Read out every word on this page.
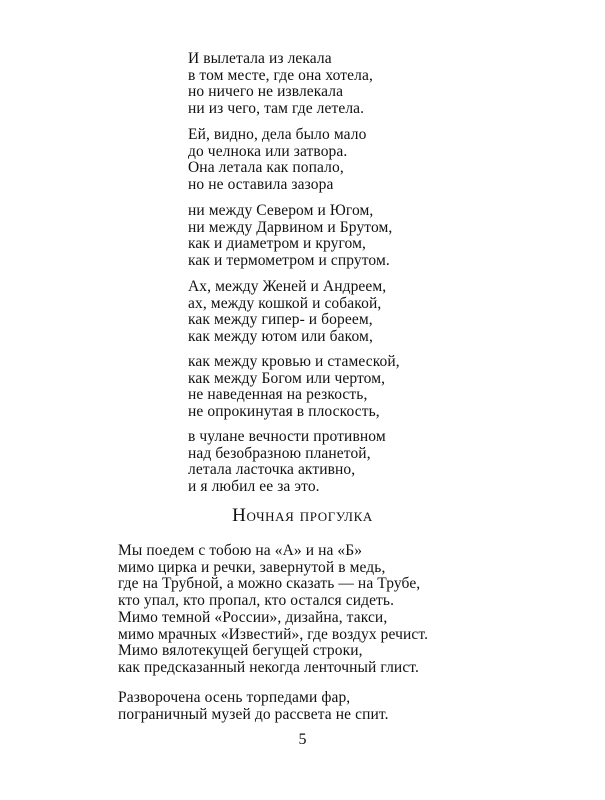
И вылетала из лекала
в том месте, где она хотела,
но ничего не извлекала
ни из чего, там где летела.
Ей, видно, дела было мало
до челнока или затвора.
Она летала как попало,
но не оставила зазора
ни между Севером и Югом,
ни между Дарвином и Брутом,
как и диаметром и кругом,
как и термометром и спрутом.
Ах, между Женей и Андреем,
ах, между кошкой и собакой,
как между гипер- и бореем,
как между ютом или баком,
как между кровью и стамеской,
как между Богом или чертом,
не наведенная на резкость,
не опрокинутая в плоскость,
в чулане вечности противном
над безобразною планетой,
летала ласточка активно,
и я любил ее за это.
Ночная прогулка
Мы поедем с тобою на «А» и на «Б»
мимо цирка и речки, завернутой в медь,
где на Трубной, а можно сказать — на Трубе,
кто упал, кто пропал, кто остался сидеть.
Мимо темной «России», дизайна, такси,
мимо мрачных «Известий», где воздух речист.
Мимо вялотекущей бегущей строки,
как предсказанный некогда ленточный глист.
Разворочена осень торпедами фар,
пограничный музей до рассвета не спит.
5
